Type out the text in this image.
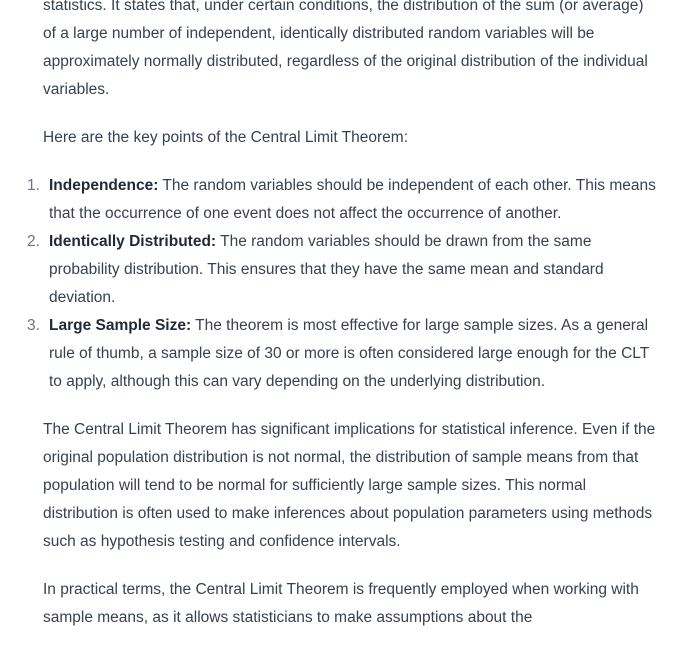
statistics. It states that, under certain conditions, the distribution of the sum (or average) of a large number of independent, identically distributed random variables will be approximately normally distributed, regardless of the original distribution of the individual variables.

Here are the key points of the Central Limit Theorem:

1. Independence: The random variables should be independent of each other. This means that the occurrence of one event does not affect the occurrence of another.
2. Identically Distributed: The random variables should be drawn from the same probability distribution. This ensures that they have the same mean and standard deviation.
3. Large Sample Size: The theorem is most effective for large sample sizes. As a general rule of thumb, a sample size of 30 or more is often considered large enough for the CLT to apply, although this can vary depending on the underlying distribution.

The Central Limit Theorem has significant implications for statistical inference. Even if the original population distribution is not normal, the distribution of sample means from that population will tend to be normal for sufficiently large sample sizes. This normal distribution is often used to make inferences about population parameters using methods such as hypothesis testing and confidence intervals.

In practical terms, the Central Limit Theorem is frequently employed when working with sample means, as it allows statisticians to make assumptions about the
